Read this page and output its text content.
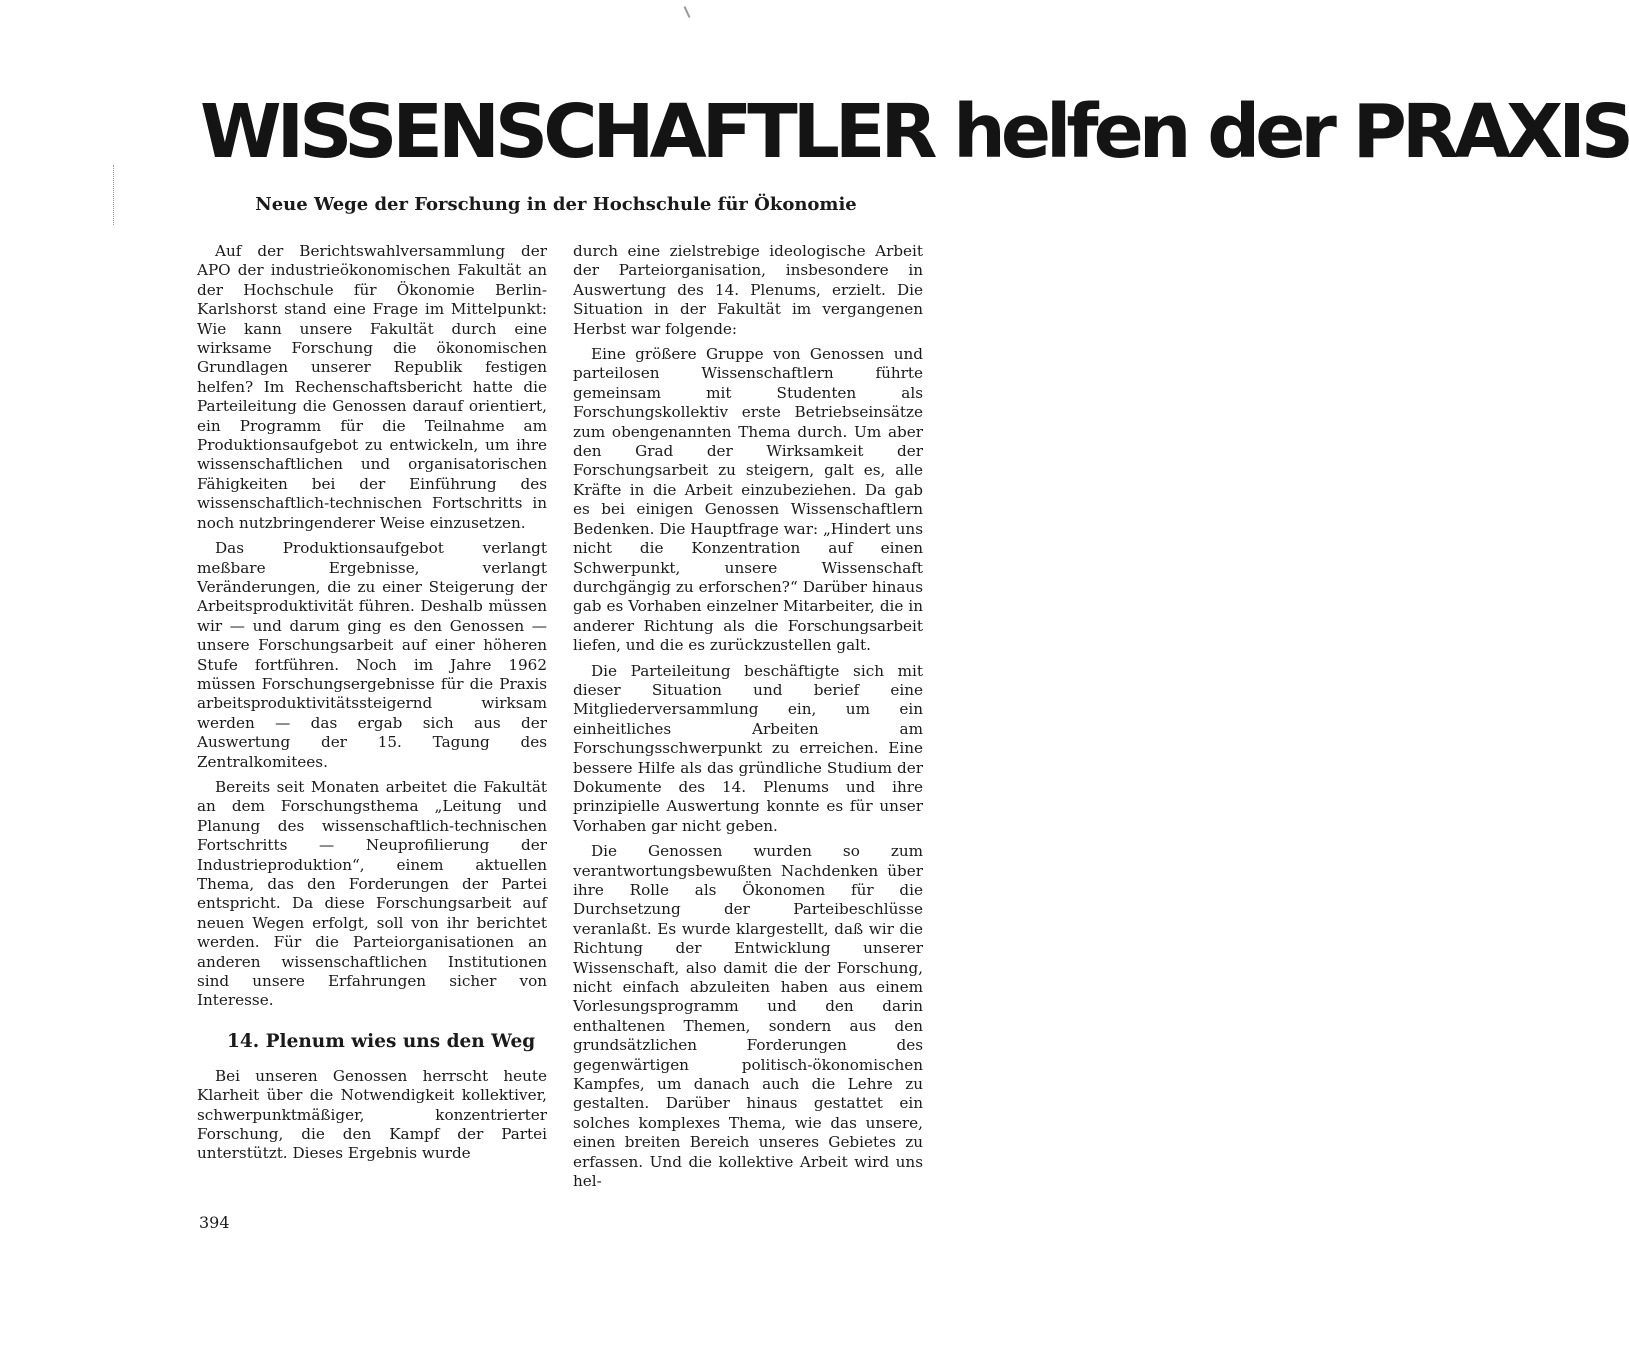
WISSENSCHAFTLER helfen der PRAXIS
Neue Wege der Forschung in der Hochschule für Ökonomie

Auf der Berichtswahlversammlung der APO der industrieökonomischen Fakultät an der Hochschule für Ökonomie Berlin-Karlshorst stand eine Frage im Mittelpunkt: Wie kann unsere Fakultät durch eine wirksame Forschung die ökonomischen Grundlagen unserer Republik festigen helfen? Im Rechenschaftsbericht hatte die Parteileitung die Genossen darauf orientiert, ein Programm für die Teilnahme am Produktionsaufgebot zu entwickeln, um ihre wissenschaftlichen und organisatorischen Fähigkeiten bei der Einführung des wissenschaftlich-technischen Fortschritts in noch nutzbringenderer Weise einzusetzen.

Das Produktionsaufgebot verlangt meßbare Ergebnisse, verlangt Veränderungen, die zu einer Steigerung der Arbeitsproduktivität führen. Deshalb müssen wir — und darum ging es den Genossen — unsere Forschungsarbeit auf einer höheren Stufe fortführen. Noch im Jahre 1962 müssen Forschungsergebnisse für die Praxis arbeitsproduktivitätssteigernd wirksam werden — das ergab sich aus der Auswertung der 15. Tagung des Zentralkomitees.

Bereits seit Monaten arbeitet die Fakultät an dem Forschungsthema „Leitung und Planung des wissenschaftlich-technischen Fortschritts — Neuprofilierung der Industrieproduktion“, einem aktuellen Thema, das den Forderungen der Partei entspricht. Da diese Forschungsarbeit auf neuen Wegen erfolgt, soll von ihr berichtet werden. Für die Parteiorganisationen an anderen wissenschaftlichen Institutionen sind unsere Erfahrungen sicher von Interesse.

14. Plenum wies uns den Weg

Bei unseren Genossen herrscht heute Klarheit über die Notwendigkeit kollektiver, schwerpunktmäßiger, konzentrierter Forschung, die den Kampf der Partei unterstützt. Dieses Ergebnis wurde

durch eine zielstrebige ideologische Arbeit der Parteiorganisation, insbesondere in Auswertung des 14. Plenums, erzielt. Die Situation in der Fakultät im vergangenen Herbst war folgende:

Eine größere Gruppe von Genossen und parteilosen Wissenschaftlern führte gemeinsam mit Studenten als Forschungskollektiv erste Betriebseinsätze zum obengenannten Thema durch. Um aber den Grad der Wirksamkeit der Forschungsarbeit zu steigern, galt es, alle Kräfte in die Arbeit einzubeziehen. Da gab es bei einigen Genossen Wissenschaftlern Bedenken. Die Hauptfrage war: „Hindert uns nicht die Konzentration auf einen Schwerpunkt, unsere Wissenschaft durchgängig zu erforschen?“ Darüber hinaus gab es Vorhaben einzelner Mitarbeiter, die in anderer Richtung als die Forschungsarbeit liefen, und die es zurückzustellen galt.

Die Parteileitung beschäftigte sich mit dieser Situation und berief eine Mitgliederversammlung ein, um ein einheitliches Arbeiten am Forschungsschwerpunkt zu erreichen. Eine bessere Hilfe als das gründliche Studium der Dokumente des 14. Plenums und ihre prinzipielle Auswertung konnte es für unser Vorhaben gar nicht geben.

Die Genossen wurden so zum verantwortungsbewußten Nachdenken über ihre Rolle als Ökonomen für die Durchsetzung der Parteibeschlüsse veranlaßt. Es wurde klargestellt, daß wir die Richtung der Entwicklung unserer Wissenschaft, also damit die der Forschung, nicht einfach abzuleiten haben aus einem Vorlesungsprogramm und den darin enthaltenen Themen, sondern aus den grundsätzlichen Forderungen des gegenwärtigen politisch-ökonomischen Kampfes, um danach auch die Lehre zu gestalten. Darüber hinaus gestattet ein solches komplexes Thema, wie das unsere, einen breiten Bereich unseres Gebietes zu erfassen. Und die kollektive Arbeit wird uns hel-

394
